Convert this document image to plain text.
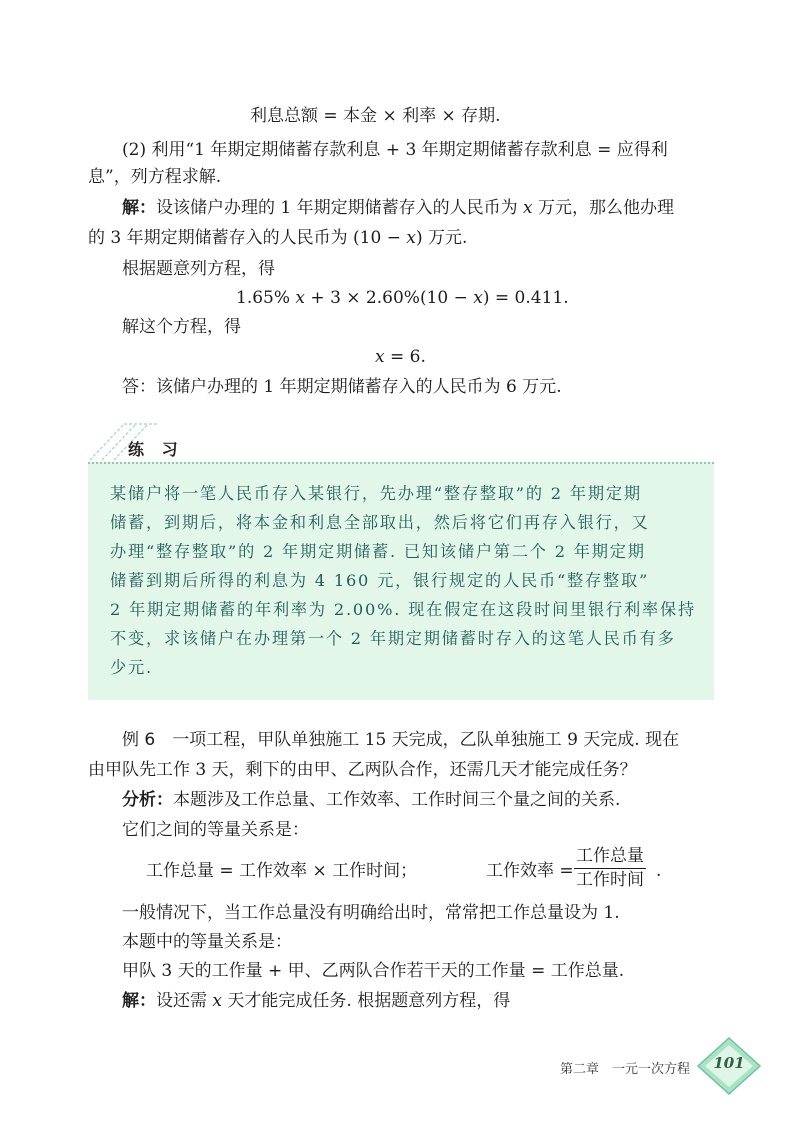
利息总额 = 本金 × 利率 × 存期.
(2) 利用“1 年期定期储蓄存款利息 + 3 年期定期储蓄存款利息 = 应得利
息”，列方程求解.
解：设该储户办理的 1 年期定期储蓄存入的人民币为 x 万元，那么他办理
的 3 年期定期储蓄存入的人民币为 (10 − x) 万元.
根据题意列方程，得
1.65% x + 3 × 2.60%(10 − x) = 0.411.
解这个方程，得
x = 6.
答：该储户办理的 1 年期定期储蓄存入的人民币为 6 万元.
练 习
某储户将一笔人民币存入某银行，先办理“整存整取”的 2 年期定期
储蓄，到期后，将本金和利息全部取出，然后将它们再存入银行，又
办理“整存整取”的 2 年期定期储蓄. 已知该储户第二个 2 年期定期
储蓄到期后所得的利息为 4 160 元，银行规定的人民币“整存整取”
2 年期定期储蓄的年利率为 2.00%. 现在假定在这段时间里银行利率保持
不变，求该储户在办理第一个 2 年期定期储蓄时存入的这笔人民币有多
少元.
例 6　 一项工程，甲队单独施工 15 天完成，乙队单独施工 9 天完成. 现在
由甲队先工作 3 天，剩下的由甲、乙两队合作，还需几天才能完成任务？
分析：本题涉及工作总量、工作效率、工作时间三个量之间的关系.
它们之间的等量关系是：
工作总量 = 工作效率 × 工作时间；	工作效率 =
工作总量
工作时间 .
一般情况下，当工作总量没有明确给出时，常常把工作总量设为 1.
本题中的等量关系是：
甲队 3 天的工作量 + 甲、乙两队合作若干天的工作量 = 工作总量.
解：设还需 x 天才能完成任务. 根据题意列方程，得
第二章　一元一次方程	101
